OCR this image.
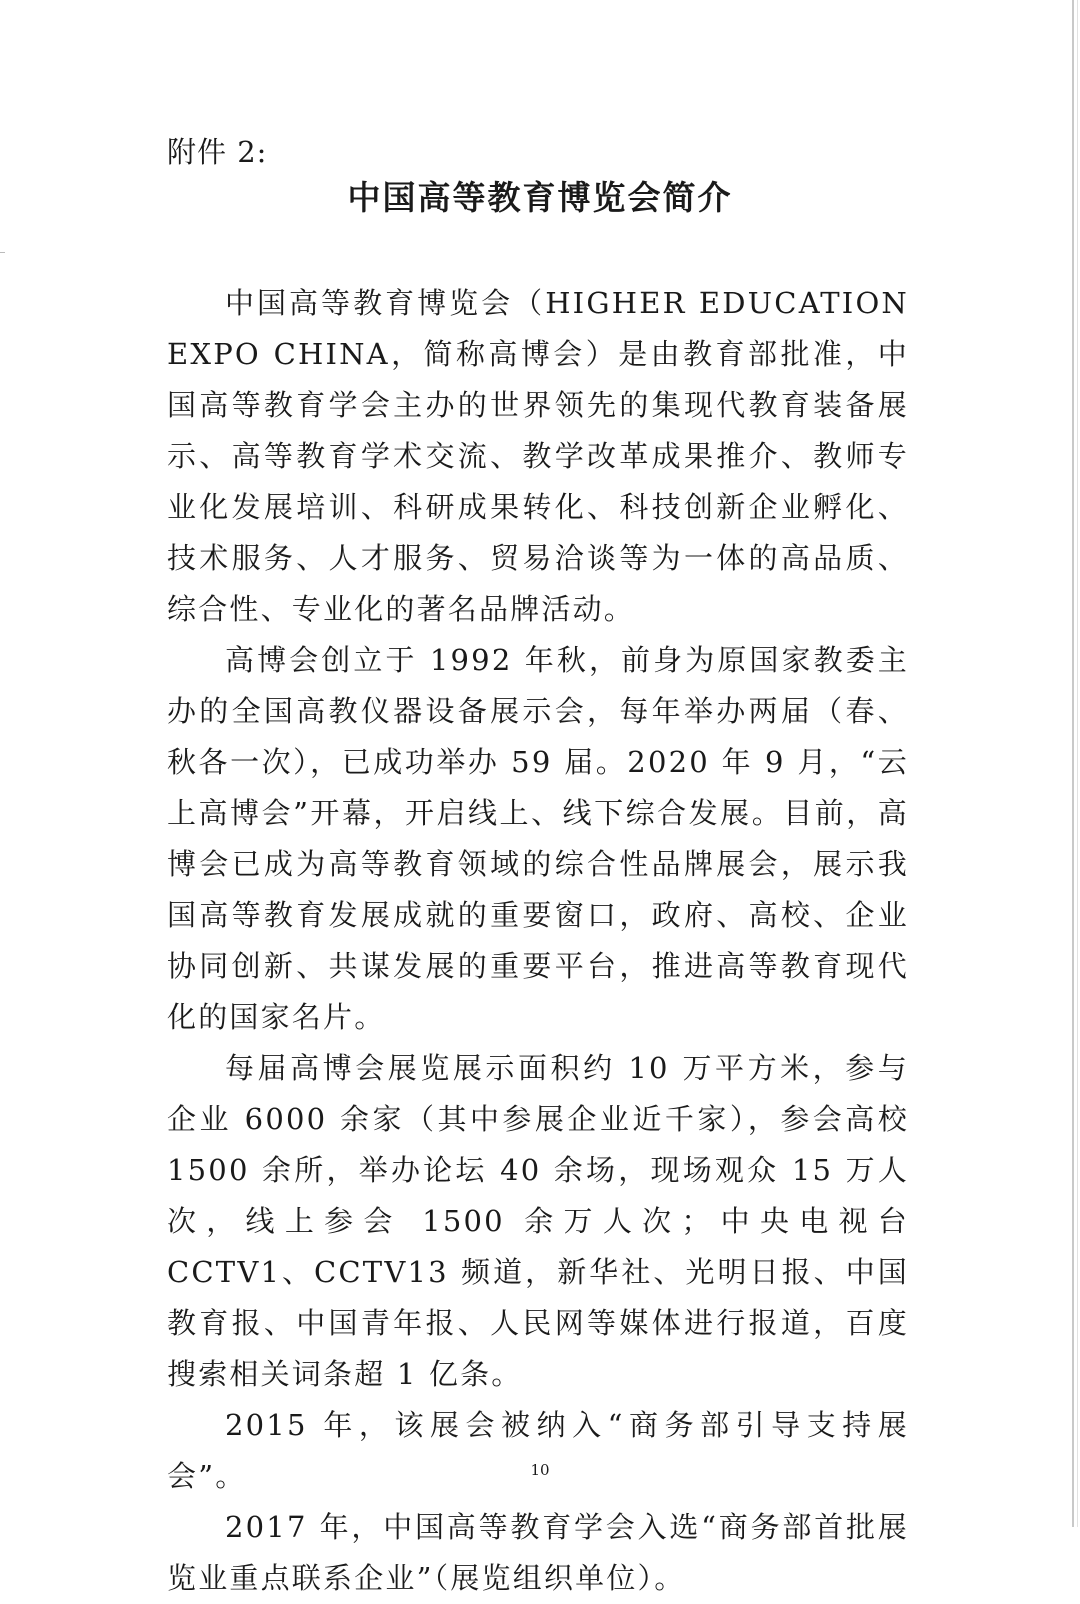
附件 2:
中国高等教育博览会简介

中国高等教育博览会（HIGHER EDUCATION EXPO CHINA，简称高博会）是由教育部批准，中国高等教育学会主办的世界领先的集现代教育装备展示、高等教育学术交流、教学改革成果推介、教师专业化发展培训、科研成果转化、科技创新企业孵化、技术服务、人才服务、贸易洽谈等为一体的高品质、综合性、专业化的著名品牌活动。

高博会创立于 1992 年秋，前身为原国家教委主办的全国高教仪器设备展示会，每年举办两届（春、秋各一次），已成功举办 59 届。2020 年 9 月，“云上高博会”开幕，开启线上、线下综合发展。目前，高博会已成为高等教育领域的综合性品牌展会，展示我国高等教育发展成就的重要窗口，政府、高校、企业协同创新、共谋发展的重要平台，推进高等教育现代化的国家名片。

每届高博会展览展示面积约 10 万平方米，参与企业 6000 余家（其中参展企业近千家），参会高校 1500 余所，举办论坛 40 余场，现场观众 15 万人次，线上参会 1500 余万人次；中央电视台 CCTV1、CCTV13 频道，新华社、光明日报、中国教育报、中国青年报、人民网等媒体进行报道，百度搜索相关词条超 1 亿条。

2015 年，该展会被纳入“商务部引导支持展会”。

2017 年，中国高等教育学会入选“商务部首批展览业重点联系企业”（展览组织单位）。

10
